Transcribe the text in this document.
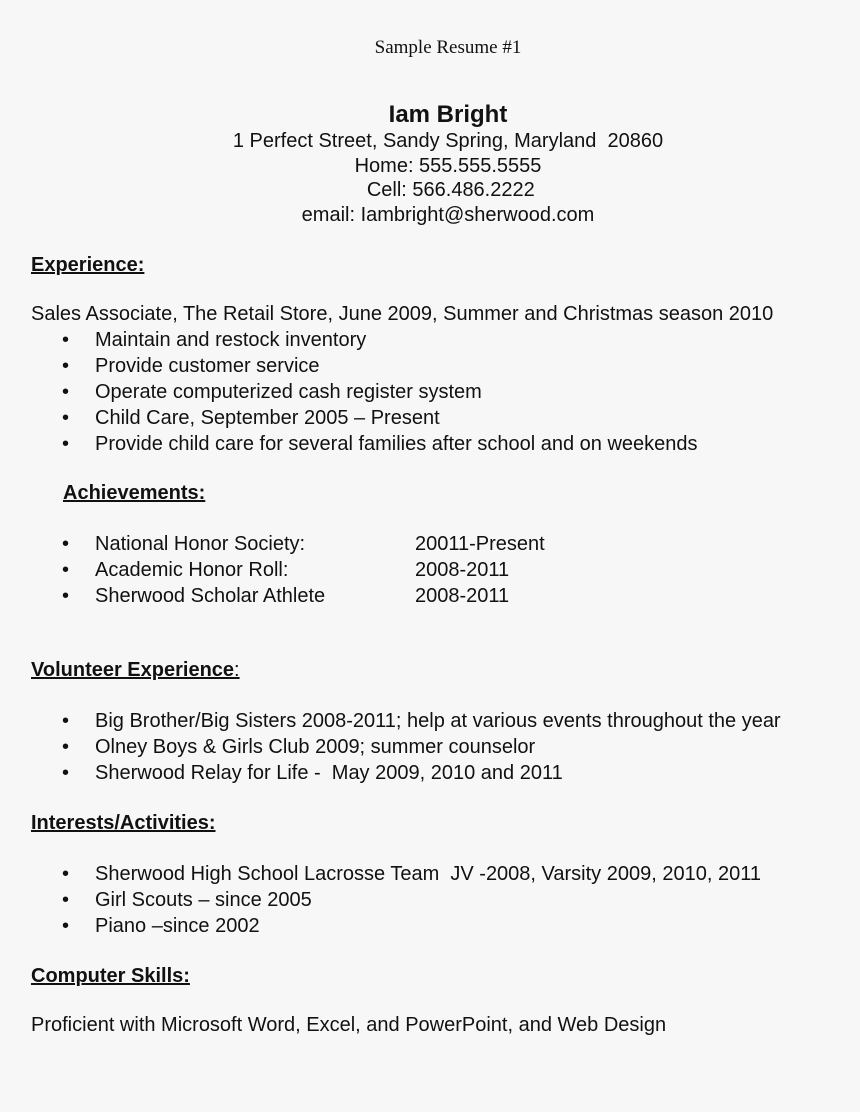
Sample Resume #1
Iam Bright
1 Perfect Street, Sandy Spring, Maryland  20860
Home: 555.555.5555
Cell: 566.486.2222
email: Iambright@sherwood.com
Experience:
Sales Associate, The Retail Store, June 2009, Summer and Christmas season 2010
• Maintain and restock inventory
• Provide customer service
• Operate computerized cash register system
• Child Care, September 2005 – Present
• Provide child care for several families after school and on weekends
Achievements:
• National Honor Society:	20011-Present
• Academic Honor Roll:	2008-2011
• Sherwood Scholar Athlete	2008-2011
Volunteer Experience:
• Big Brother/Big Sisters 2008-2011; help at various events throughout the year
• Olney Boys & Girls Club 2009; summer counselor
• Sherwood Relay for Life -  May 2009, 2010 and 2011
Interests/Activities:
• Sherwood High School Lacrosse Team  JV -2008, Varsity 2009, 2010, 2011
• Girl Scouts – since 2005
• Piano –since 2002
Computer Skills:
Proficient with Microsoft Word, Excel, and PowerPoint, and Web Design
